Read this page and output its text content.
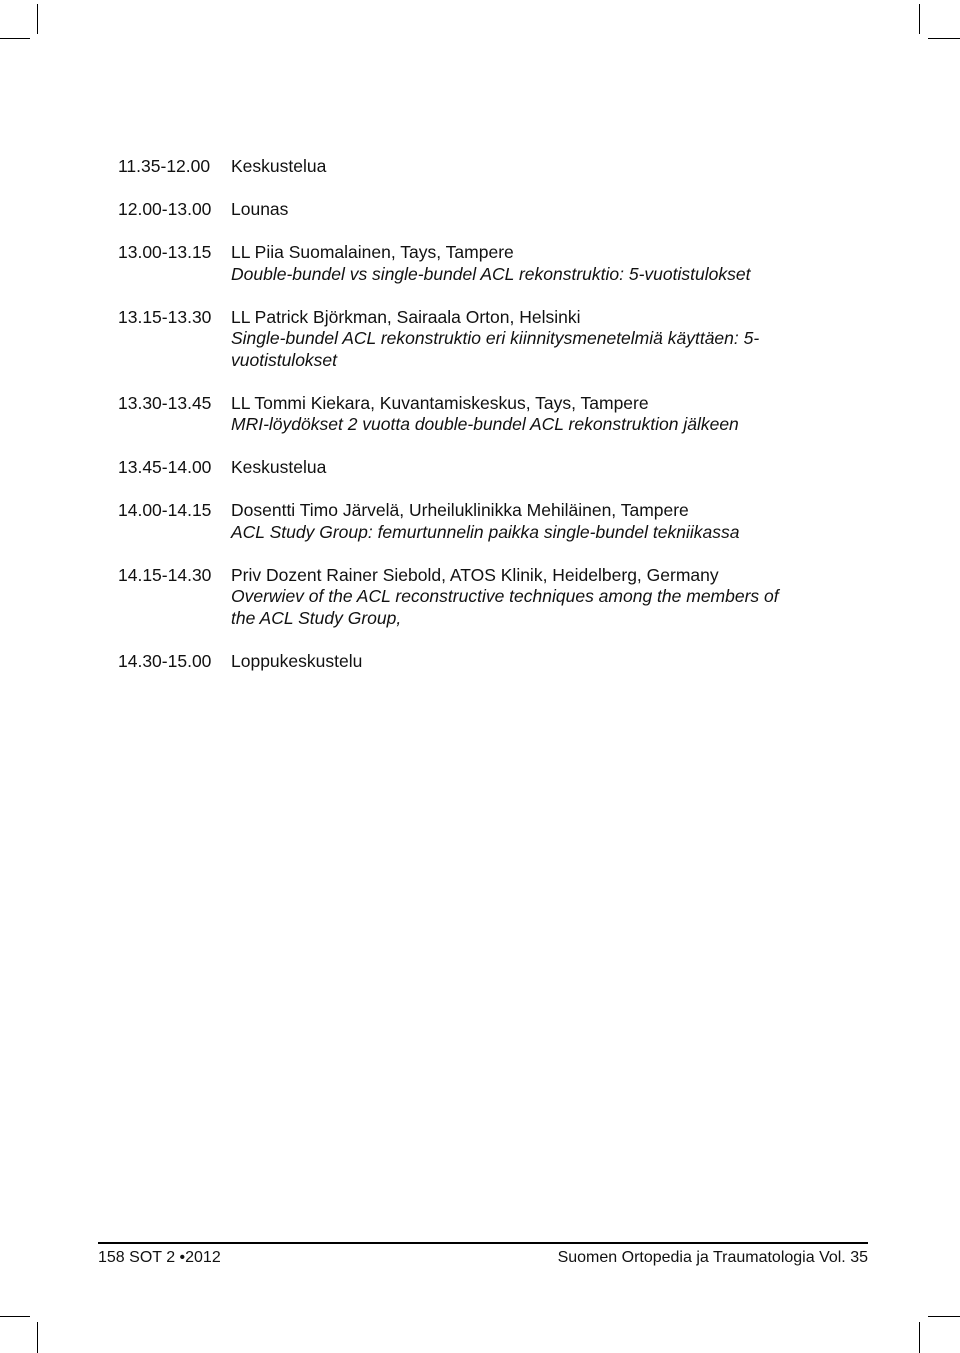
11.35-12.00	Keskustelua
12.00-13.00	Lounas
13.00-13.15	LL Piia Suomalainen, Tays, Tampere
Double-bundel vs single-bundel ACL rekonstruktio: 5-vuotistulokset
13.15-13.30	LL Patrick Björkman, Sairaala Orton, Helsinki
Single-bundel ACL rekonstruktio eri kiinnitysmenetelmiä käyttäen: 5-vuotistulokset
13.30-13.45	LL Tommi Kiekara, Kuvantamiskeskus, Tays, Tampere
MRI-löydökset 2 vuotta double-bundel ACL rekonstruktion jälkeen
13.45-14.00	Keskustelua
14.00-14.15	Dosentti Timo Järvelä, Urheiluklinikka Mehiläinen, Tampere
ACL Study Group: femurtunnelin paikka single-bundel tekniikassa
14.15-14.30	Priv Dozent Rainer Siebold, ATOS Klinik, Heidelberg, Germany
Overwiev of the ACL reconstructive techniques among the members of the ACL Study Group,
14.30-15.00	Loppukeskustelu
158 SOT 2 •2012	Suomen Ortopedia ja Traumatologia Vol. 35
